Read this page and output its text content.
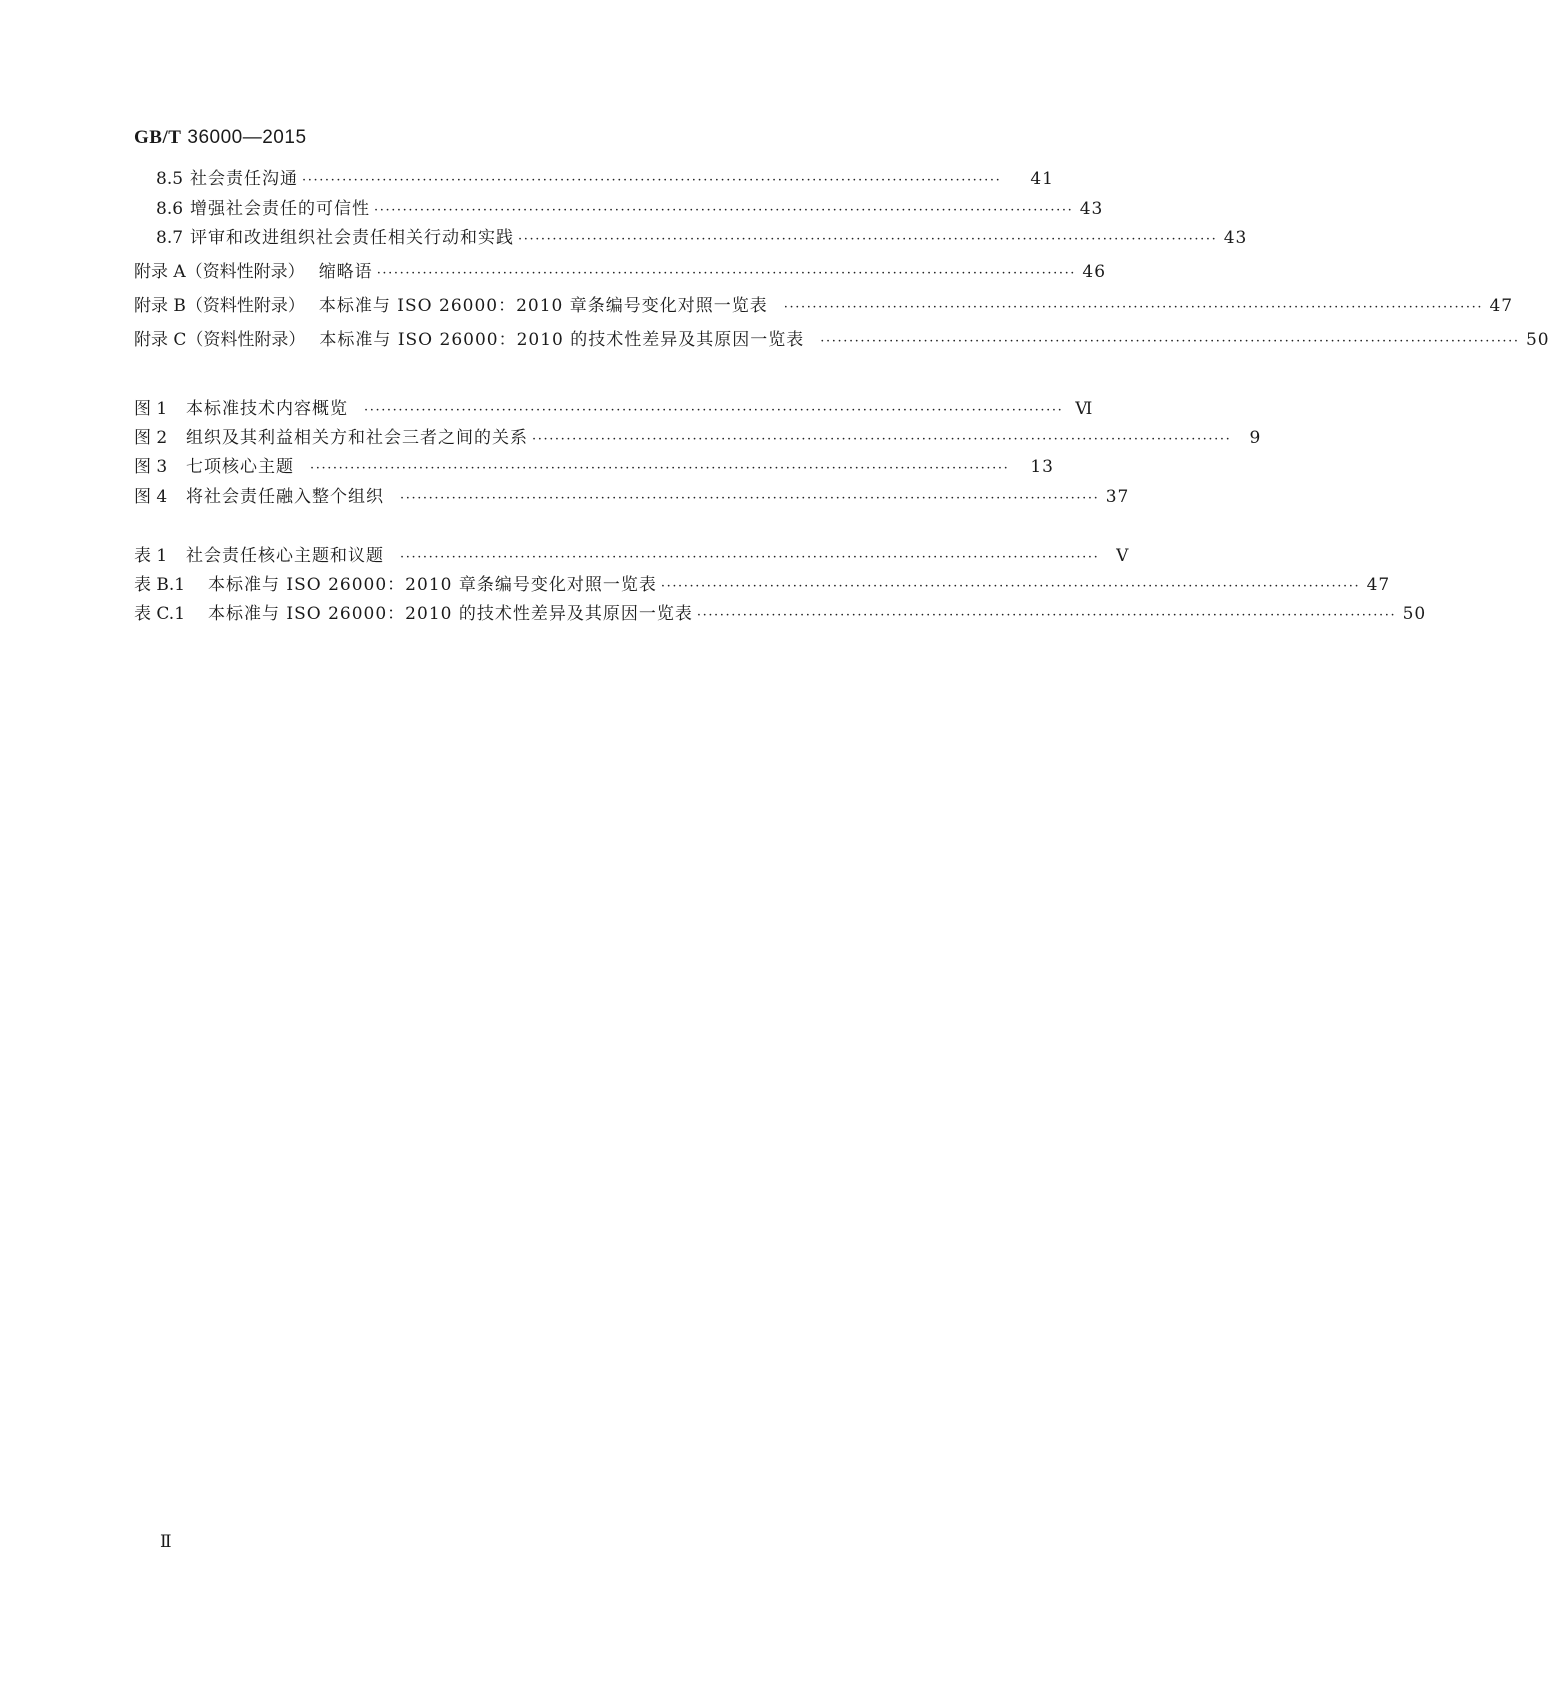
GB/T 36000—2015
8.5 社会责任沟通 ··························································································································	41
8.6 增强社会责任的可信性 ·························································································································· 43
8.7 评审和改进组织社会责任相关行动和实践 ·························································································································· 43
附录 A（资料性附录） 缩略语 ·························································································································· 46
附录 B（资料性附录） 本标准与 ISO 26000：2010 章条编号变化对照一览表 ·························································································································· 47
附录 C（资料性附录） 本标准与 ISO 26000：2010 的技术性差异及其原因一览表 ·························································································································· 50
图 1	本标准技术内容概览 ·························································································································· Ⅵ
图 2	组织及其利益相关方和社会三者之间的关系 ··························································································································	9
图 3	七项核心主题 ··························································································································	13
图 4	将社会责任融入整个组织 ·························································································································· 37
表 1	社会责任核心主题和议题 ·························································································································· Ⅴ
表 B.1	本标准与 ISO 26000：2010 章条编号变化对照一览表 ·························································································································· 47
表 C.1	本标准与 ISO 26000：2010 的技术性差异及其原因一览表 ·························································································································· 50
Ⅱ
